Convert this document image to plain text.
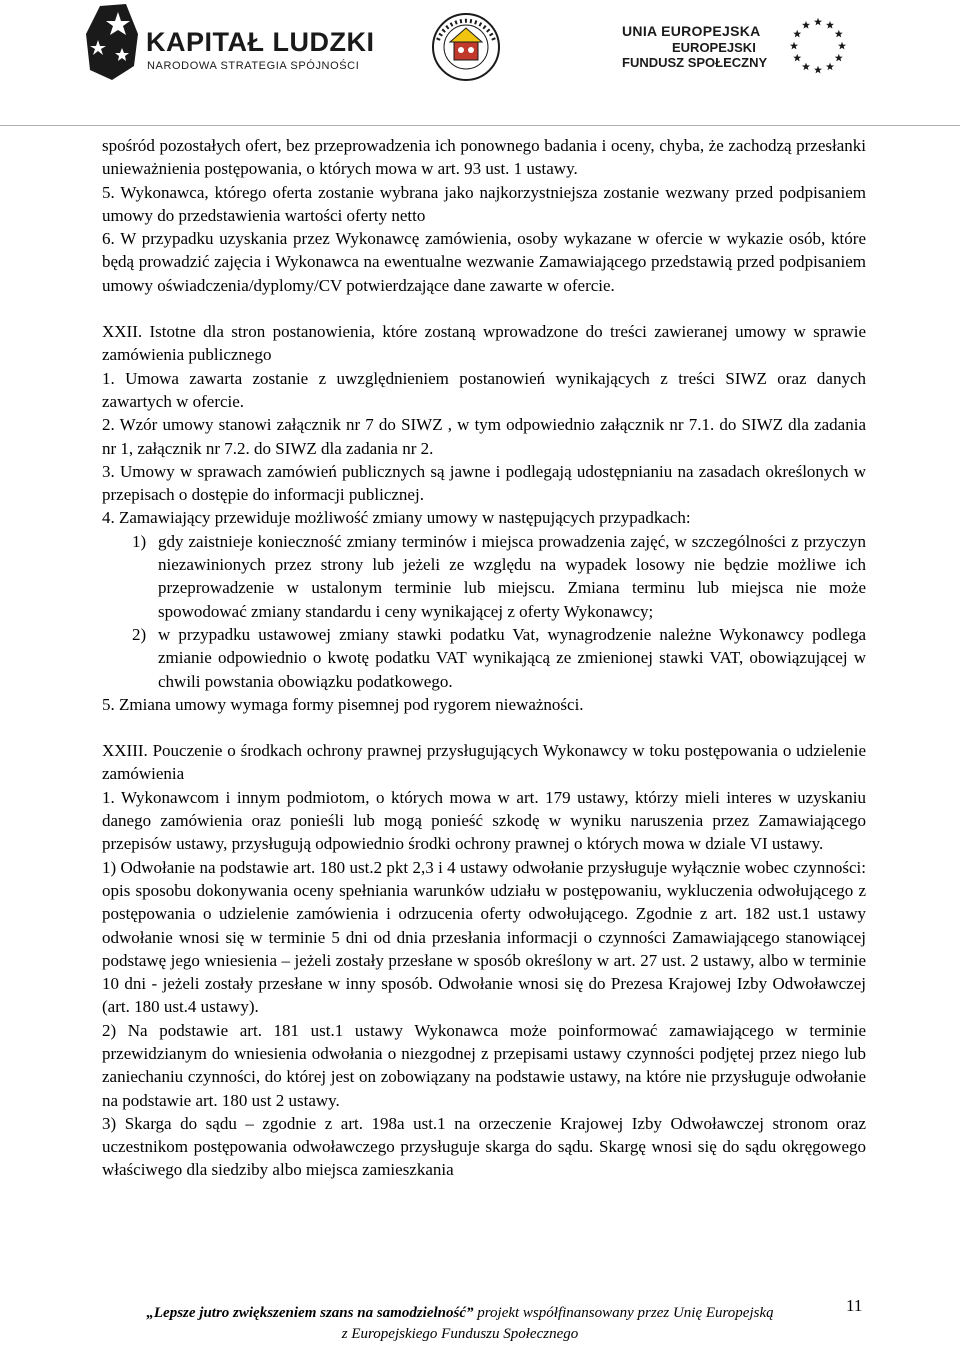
KAPITAŁ LUDZKI
NARODOWA STRATEGIA SPÓJNOŚCI
UNIA EUROPEJSKA
EUROPEJSKI
FUNDUSZ SPOŁECZNY

spośród pozostałych ofert, bez przeprowadzenia ich ponownego badania i oceny, chyba, że zachodzą przesłanki unieważnienia postępowania, o których mowa w art. 93 ust. 1 ustawy.

5. Wykonawca, którego oferta zostanie wybrana jako najkorzystniejsza zostanie wezwany przed podpisaniem umowy do przedstawienia wartości oferty netto

6. W przypadku uzyskania przez Wykonawcę zamówienia, osoby wykazane w ofercie w wykazie osób, które będą prowadzić zajęcia i Wykonawca na ewentualne wezwanie Zamawiającego przedstawią przed podpisaniem umowy oświadczenia/dyplomy/CV potwierdzające dane zawarte w ofercie.

XXII. Istotne dla stron postanowienia, które zostaną wprowadzone do treści zawieranej umowy w sprawie zamówienia publicznego

1. Umowa zawarta zostanie z uwzględnieniem postanowień wynikających z treści SIWZ oraz danych zawartych w ofercie.

2. Wzór umowy stanowi załącznik nr 7 do SIWZ , w tym odpowiednio załącznik nr 7.1. do SIWZ dla zadania nr 1, załącznik nr 7.2. do SIWZ dla zadania nr 2.

3. Umowy w sprawach zamówień publicznych są jawne i podlegają udostępnianiu na zasadach określonych w przepisach o dostępie do informacji publicznej.

4. Zamawiający przewiduje możliwość zmiany umowy w następujących przypadkach:

1) gdy zaistnieje konieczność zmiany terminów i miejsca prowadzenia zajęć, w szczególności z przyczyn niezawinionych przez strony lub jeżeli ze względu na wypadek losowy nie będzie możliwe ich przeprowadzenie w ustalonym terminie lub miejscu. Zmiana terminu lub miejsca nie może spowodować zmiany standardu i ceny wynikającej z oferty Wykonawcy;
2) w przypadku ustawowej zmiany stawki podatku Vat, wynagrodzenie należne Wykonawcy podlega zmianie odpowiednio o kwotę podatku VAT wynikającą ze zmienionej stawki VAT, obowiązującej w chwili powstania obowiązku podatkowego.

5. Zmiana umowy wymaga formy pisemnej pod rygorem nieważności.

XXIII. Pouczenie o środkach ochrony prawnej przysługujących Wykonawcy w toku postępowania o udzielenie zamówienia

1. Wykonawcom i innym podmiotom, o których mowa w art. 179 ustawy, którzy mieli interes w uzyskaniu danego zamówienia oraz ponieśli lub mogą ponieść szkodę w wyniku naruszenia przez Zamawiającego przepisów ustawy, przysługują odpowiednio środki ochrony prawnej o których mowa w dziale VI ustawy.

1) Odwołanie na podstawie art. 180 ust.2 pkt 2,3 i 4 ustawy odwołanie przysługuje wyłącznie wobec czynności: opis sposobu dokonywania oceny spełniania warunków udziału w postępowaniu, wykluczenia odwołującego z postępowania o udzielenie zamówienia i odrzucenia oferty odwołującego. Zgodnie z art. 182 ust.1 ustawy odwołanie wnosi się w terminie 5 dni od dnia przesłania informacji o czynności Zamawiającego stanowiącej podstawę jego wniesienia – jeżeli zostały przesłane w sposób określony w art. 27 ust. 2 ustawy, albo w terminie 10 dni - jeżeli zostały przesłane w inny sposób. Odwołanie wnosi się do Prezesa Krajowej Izby Odwoławczej (art. 180 ust.4 ustawy).

2) Na podstawie art. 181 ust.1 ustawy Wykonawca może poinformować zamawiającego w terminie przewidzianym do wniesienia odwołania o niezgodnej z przepisami ustawy czynności podjętej przez niego lub zaniechaniu czynności, do której jest on zobowiązany na podstawie ustawy, na które nie przysługuje odwołanie na podstawie art. 180 ust 2 ustawy.

3) Skarga do sądu – zgodnie z art. 198a ust.1 na orzeczenie Krajowej Izby Odwoławczej stronom oraz uczestnikom postępowania odwoławczego przysługuje skarga do sądu. Skargę wnosi się do sądu okręgowego właściwego dla siedziby albo miejsca zamieszkania

„Lepsze jutro zwiększeniem szans na samodzielność” projekt współfinansowany przez Unię Europejską
z Europejskiego Funduszu Społecznego
11
